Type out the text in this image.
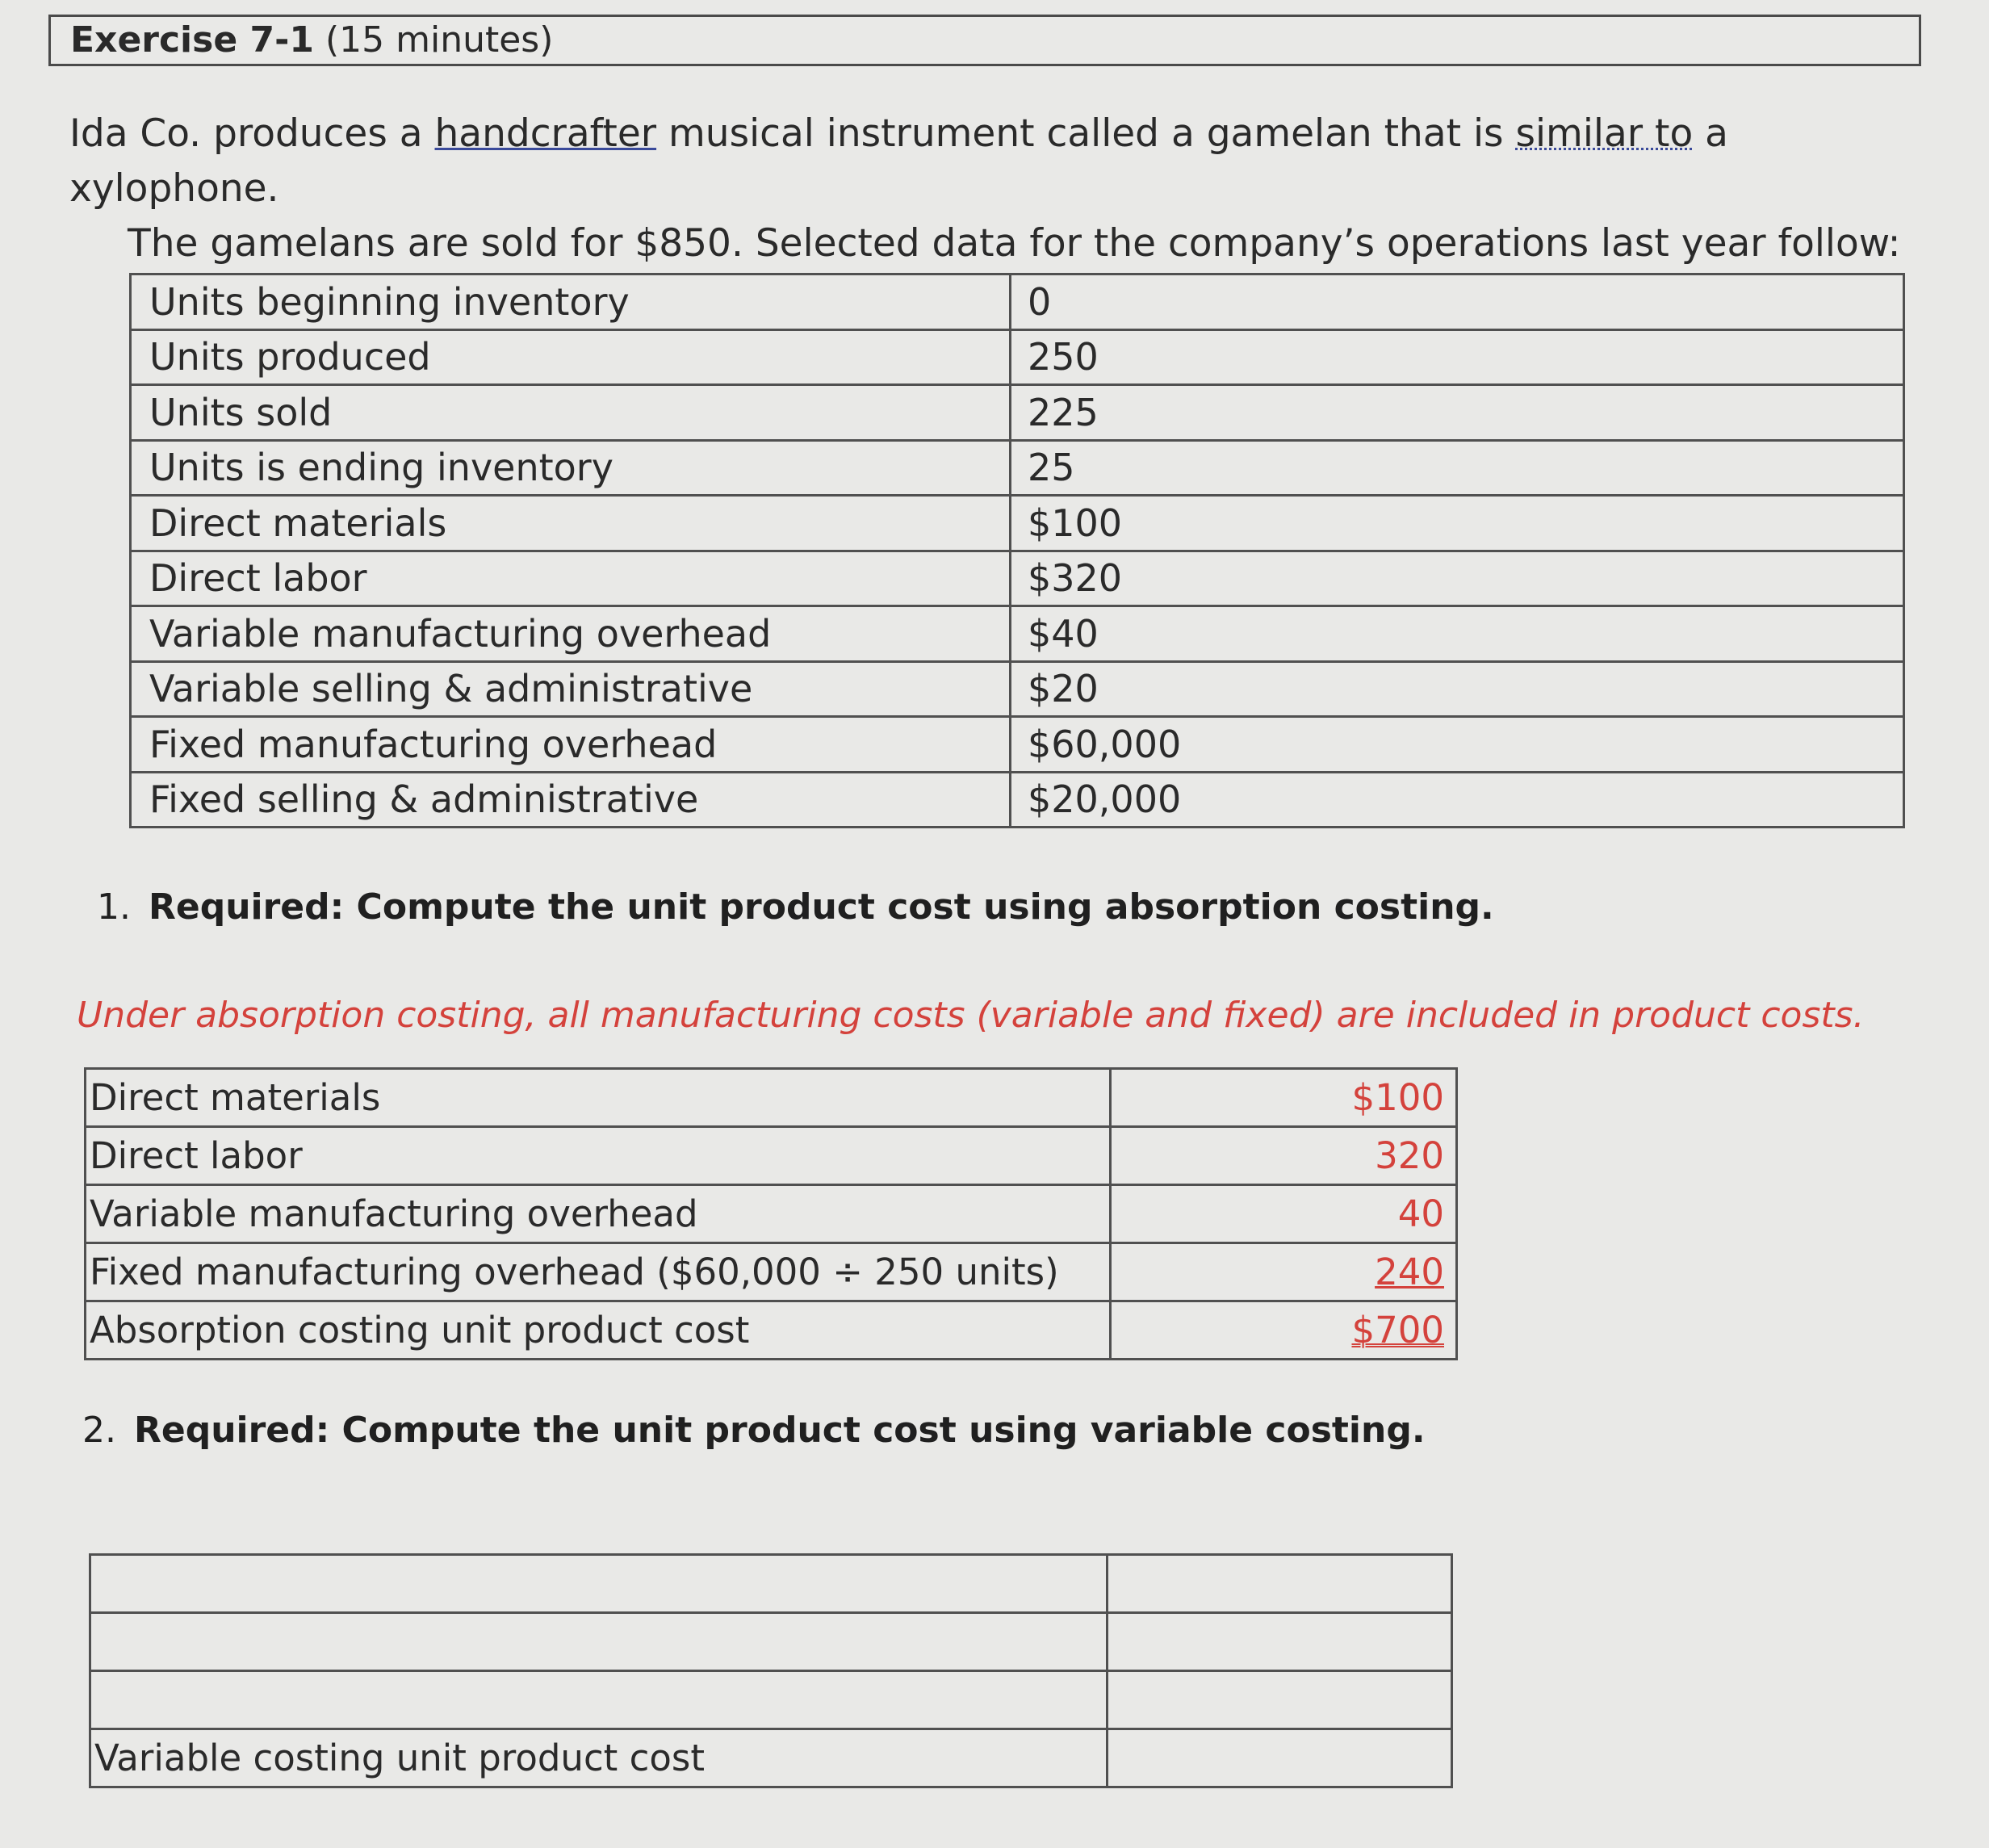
Exercise 7-1 (15 minutes)
Ida Co. produces a handcrafter musical instrument called a gamelan that is similar to a xylophone.
The gamelans are sold for $850. Selected data for the company’s operations last year follow:
Units beginning inventory	0
Units produced	250
Units sold	225
Units is ending inventory	25
Direct materials	$100
Direct labor	$320
Variable manufacturing overhead	$40
Variable selling & administrative	$20
Fixed manufacturing overhead	$60,000
Fixed selling & administrative	$20,000
1. Required: Compute the unit product cost using absorption costing.
Under absorption costing, all manufacturing costs (variable and fixed) are included in product costs.
Direct materials	$100
Direct labor	320
Variable manufacturing overhead	40
Fixed manufacturing overhead ($60,000 ÷ 250 units)	240
Absorption costing unit product cost	$700
2. Required: Compute the unit product cost using variable costing.

Variable costing unit product cost	
